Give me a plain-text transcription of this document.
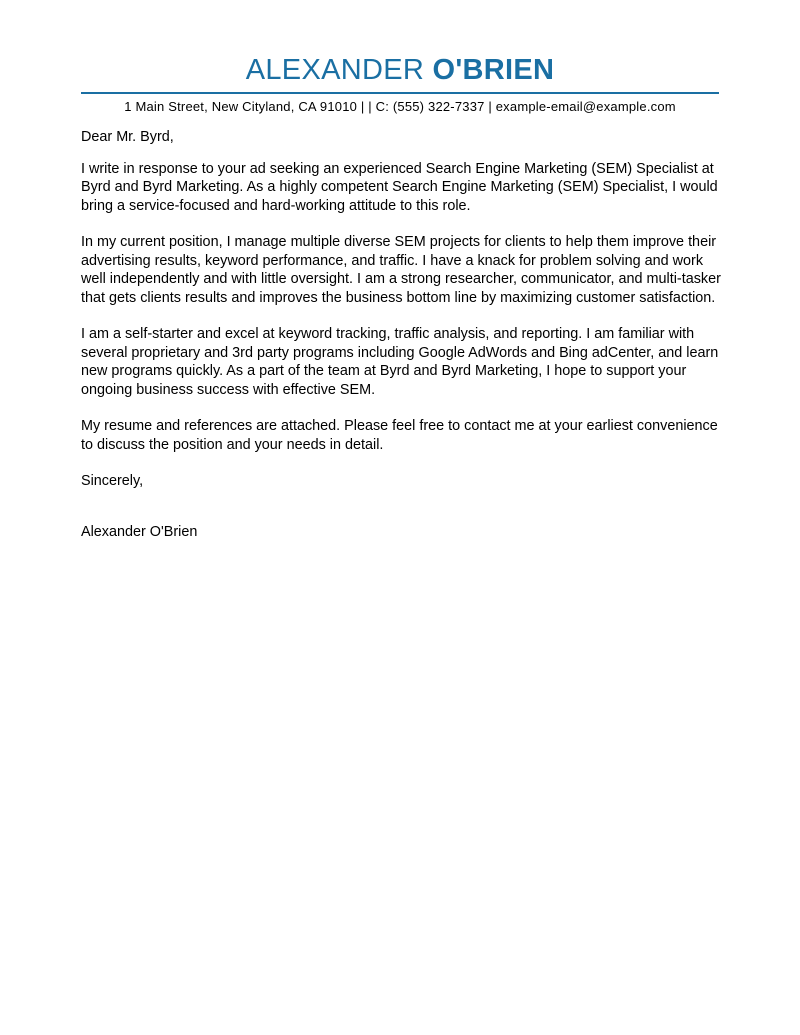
ALEXANDER O'BRIEN
1 Main Street, New Cityland, CA 91010 | | C: (555) 322-7337 | example-email@example.com

Dear Mr. Byrd,

I write in response to your ad seeking an experienced Search Engine Marketing (SEM) Specialist at Byrd and Byrd Marketing. As a highly competent Search Engine Marketing (SEM) Specialist, I would bring a service-focused and hard-working attitude to this role.

In my current position, I manage multiple diverse SEM projects for clients to help them improve their advertising results, keyword performance, and traffic. I have a knack for problem solving and work well independently and with little oversight. I am a strong researcher, communicator, and multi-tasker that gets clients results and improves the business bottom line by maximizing customer satisfaction.

I am a self-starter and excel at keyword tracking, traffic analysis, and reporting. I am familiar with several proprietary and 3rd party programs including Google AdWords and Bing adCenter, and learn new programs quickly. As a part of the team at Byrd and Byrd Marketing, I hope to support your ongoing business success with effective SEM.

My resume and references are attached. Please feel free to contact me at your earliest convenience to discuss the position and your needs in detail.

Sincerely,

Alexander O'Brien
